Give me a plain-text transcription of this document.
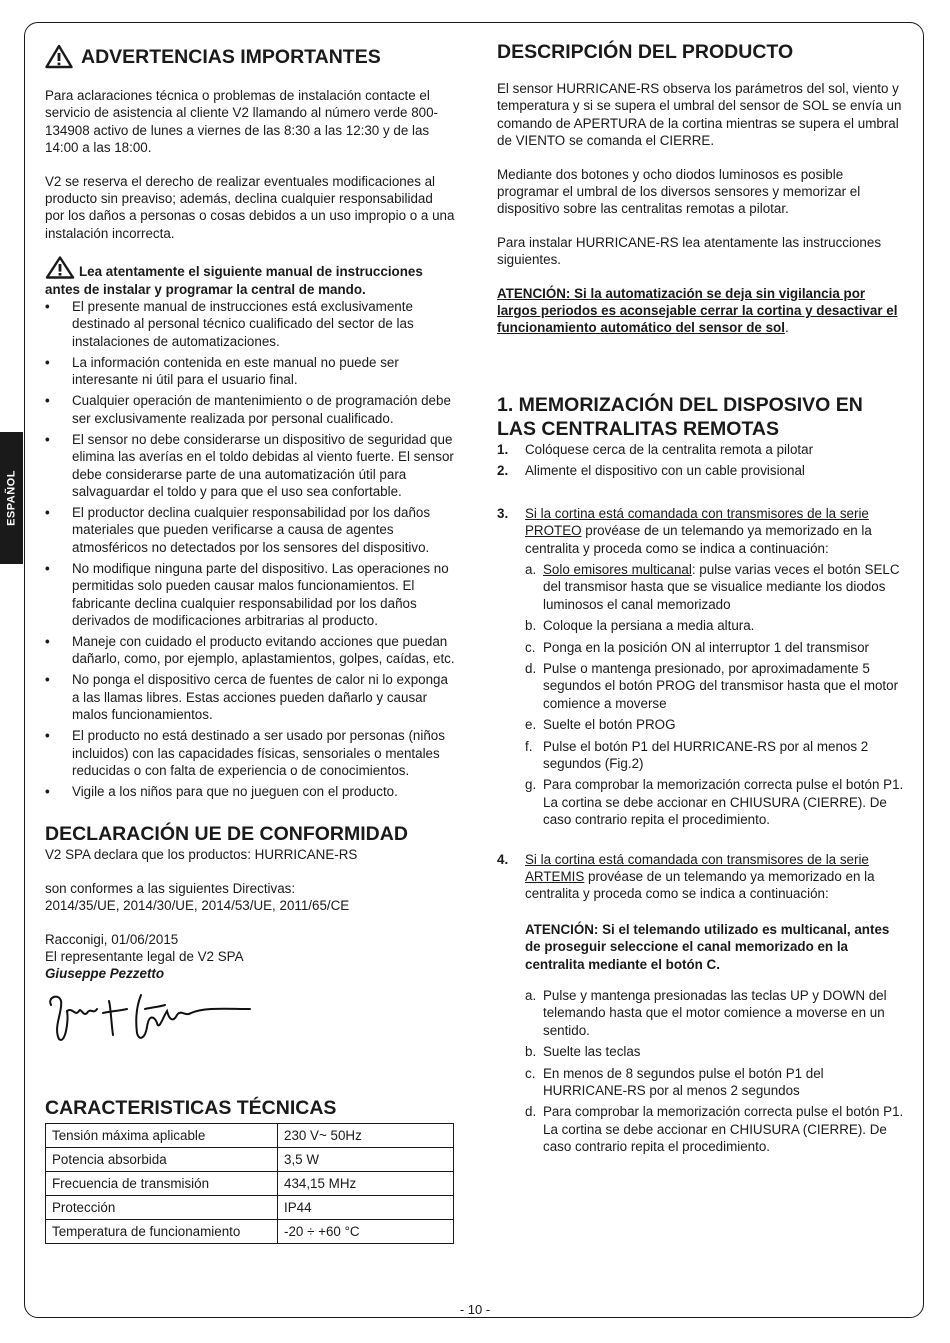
ESPAÑOL
ADVERTENCIAS IMPORTANTES

Para aclaraciones técnica o problemas de instalación contacte el servicio de asistencia al cliente V2 llamando al número verde 800-134908 activo de lunes a viernes de las 8:30 a las 12:30 y de las 14:00 a las 18:00.

V2 se reserva el derecho de realizar eventuales modificaciones al producto sin preaviso; además, declina cualquier responsabilidad por los daños a personas o cosas debidos a un uso impropio o a una instalación incorrecta.

Lea atentamente el siguiente manual de instrucciones antes de instalar y programar la central de mando.

• El presente manual de instrucciones está exclusivamente destinado al personal técnico cualificado del sector de las instalaciones de automatizaciones.
• La información contenida en este manual no puede ser interesante ni útil para el usuario final.
• Cualquier operación de mantenimiento o de programación debe ser exclusivamente realizada por personal cualificado.
• El sensor no debe considerarse un dispositivo de seguridad que elimina las averías en el toldo debidas al viento fuerte. El sensor debe considerarse parte de una automatización útil para salvaguardar el toldo y para que el uso sea confortable.
• El productor declina cualquier responsabilidad por los daños materiales que pueden verificarse a causa de agentes atmosféricos no detectados por los sensores del dispositivo.
• No modifique ninguna parte del dispositivo. Las operaciones no permitidas solo pueden causar malos funcionamientos. El fabricante declina cualquier responsabilidad por los daños derivados de modificaciones arbitrarias al producto.
• Maneje con cuidado el producto evitando acciones que puedan dañarlo, como, por ejemplo, aplastamientos, golpes, caídas, etc.
• No ponga el dispositivo cerca de fuentes de calor ni lo exponga a las llamas libres. Estas acciones pueden dañarlo y causar malos funcionamientos.
• El producto no está destinado a ser usado por personas (niños incluidos) con las capacidades físicas, sensoriales o mentales reducidas o con falta de experiencia o de conocimientos.
• Vigile a los niños para que no jueguen con el producto.
DECLARACIÓN UE DE CONFORMIDAD

V2 SPA declara que los productos: HURRICANE-RS

son conformes a las siguientes Directivas:

2014/35/UE, 2014/30/UE, 2014/53/UE, 2011/65/CE

Racconigi, 01/06/2015

El representante legal de V2 SPA

Giuseppe Pezzetto

CARACTERISTICAS TÉCNICAS
Tensión máxima aplicable	230 V~ 50Hz
Potencia absorbida	3,5 W
Frecuencia de transmisión	434,15 MHz
Protección	IP44
Temperatura de funcionamiento	-20 ÷ +60 °C
DESCRIPCIÓN DEL PRODUCTO

El sensor HURRICANE-RS observa los parámetros del sol, viento y temperatura y si se supera el umbral del sensor de SOL se envía un comando de APERTURA de la cortina mientras se supera el umbral de VIENTO se comanda el CIERRE.

Mediante dos botones y ocho diodos luminosos es posible programar el umbral de los diversos sensores y memorizar el dispositivo sobre las centralitas remotas a pilotar.

Para instalar HURRICANE-RS lea atentamente las instrucciones siguientes.

ATENCIÓN: Si la automatización se deja sin vigilancia por largos periodos es aconsejable cerrar la cortina y desactivar el funcionamiento automático del sensor de sol.

1. MEMORIZACIÓN DEL DISPOSIVO EN LAS CENTRALITAS REMOTAS
1. Colóquese cerca de la centralita remota a pilotar
2. Alimente el dispositivo con un cable provisional
3. Si la cortina está comandada con transmisores de la serie PROTEO provéase de un telemando ya memorizado en la centralita y proceda como se indica a continuación:
a. Solo emisores multicanal: pulse varias veces el botón SELC del transmisor hasta que se visualice mediante los diodos luminosos el canal memorizado
b. Coloque la persiana a media altura.
c. Ponga en la posición ON al interruptor 1 del transmisor
d. Pulse o mantenga presionado, por aproximadamente 5 segundos el botón PROG del transmisor hasta que el motor comience a moverse
e. Suelte el botón PROG
f. Pulse el botón P1 del HURRICANE-RS por al menos 2 segundos (Fig.2)
g. Para comprobar la memorización correcta pulse el botón P1. La cortina se debe accionar en CHIUSURA (CIERRE). De caso contrario repita el procedimiento.
4. Si la cortina está comandada con transmisores de la serie ARTEMIS provéase de un telemando ya memorizado en la centralita y proceda como se indica a continuación:

ATENCIÓN: Si el telemando utilizado es multicanal, antes de proseguir seleccione el canal memorizado en la centralita mediante el botón C.

a. Pulse y mantenga presionadas las teclas UP y DOWN del telemando hasta que el motor comience a moverse en un sentido.
b. Suelte las teclas
c. En menos de 8 segundos pulse el botón P1 del HURRICANE-RS por al menos 2 segundos
d. Para comprobar la memorización correcta pulse el botón P1. La cortina se debe accionar en CHIUSURA (CIERRE). De caso contrario repita el procedimiento.
- 10 -
